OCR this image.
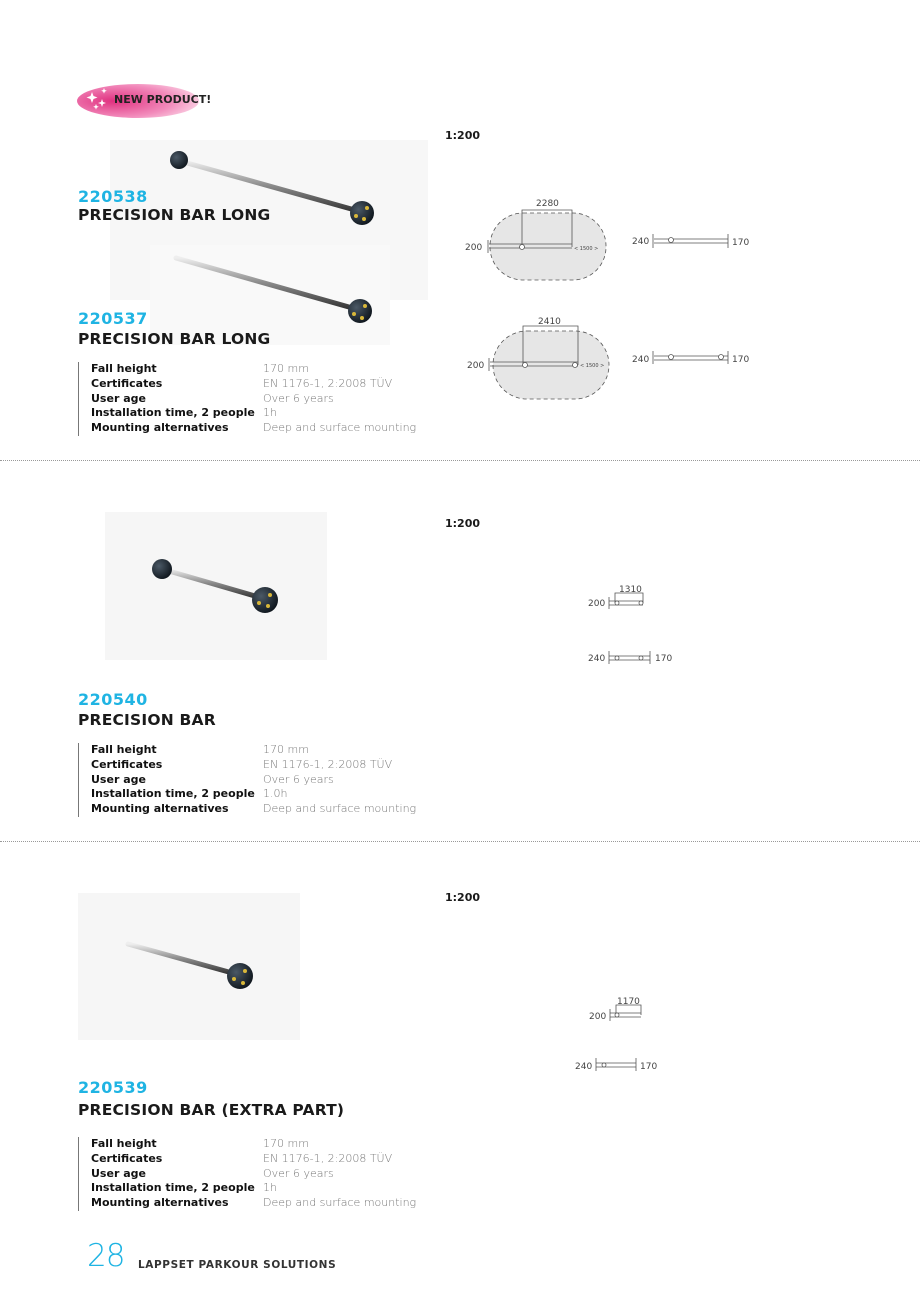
2280
200	< 1500 >
240	170
2410
200	< 1500 >
240	170
1310
200
240	170
1170
200
240	170
NEW PRODUCT!
1:200
220538
PRECISION BAR LONG
220537
PRECISION BAR LONG
Fall height	170 mm
Certificates	EN 1176-1, 2:2008 TÜV
User age	Over 6 years
Installation time, 2 people 1h
Mounting alternatives	Deep and surface mounting
1:200
220540
PRECISION BAR
Fall height	170 mm
Certificates	EN 1176-1, 2:2008 TÜV
User age	Over 6 years
Installation time, 2 people 1.0h
Mounting alternatives	Deep and surface mounting
1:200
220539
PRECISION BAR (EXTRA PART)
Fall height	170 mm
Certificates	EN 1176-1, 2:2008 TÜV
User age	Over 6 years
Installation time, 2 people 1h
Mounting alternatives	Deep and surface mounting
28 LAPPSET PARKOUR SOLUTIONS
